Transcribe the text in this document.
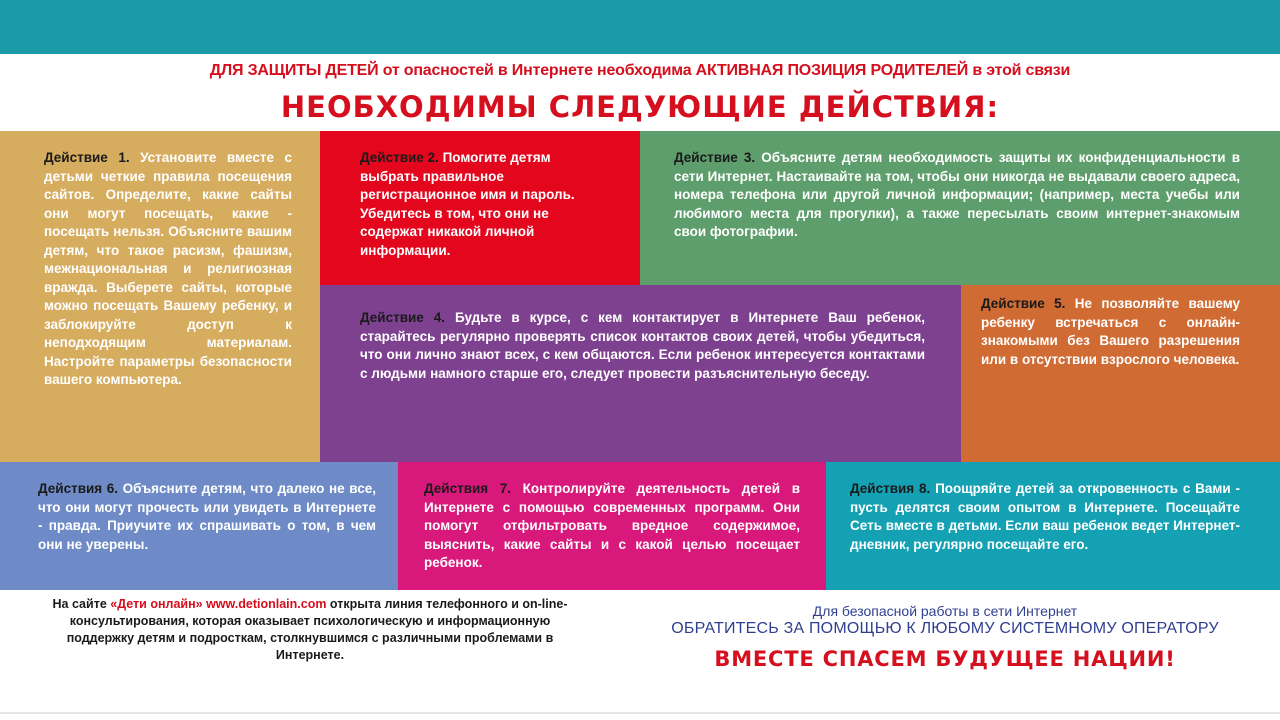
ДЛЯ ЗАЩИТЫ ДЕТЕЙ от опасностей в Интернете необходима АКТИВНАЯ ПОЗИЦИЯ РОДИТЕЛЕЙ в этой связи
НЕОБХОДИМЫ СЛЕДУЮЩИЕ ДЕЙСТВИЯ:
Действие 1. Установите вместе с детьми четкие правила посещения сайтов. Определите, какие сайты они могут посещать, какие - посещать нельзя. Объясните вашим детям, что такое расизм, фашизм, межнациональная и религиозная вражда. Выберете сайты, которые можно посещать Вашему ребенку, и заблокируйте доступ к неподходящим материалам. Настройте параметры безопасности вашего компьютера.
Действие 2. Помогите детям выбрать правильное регистрационное имя и пароль. Убедитесь в том, что они не содержат никакой личной информации.
Действие 3. Объясните детям необходимость защиты их конфиденциальности в сети Интернет. Настаивайте на том, чтобы они никогда не выдавали своего адреса, номера телефона или другой личной информации; (например, места учебы или любимого места для прогулки), а также пересылать своим интернет-знакомым свои фотографии.
Действие 4. Будьте в курсе, с кем контактирует в Интернете Ваш ребенок, старайтесь регулярно проверять список контактов своих детей, чтобы убедиться, что они лично знают всех, с кем общаются. Если ребенок интересуется контактами с людьми намного старше его, следует провести разъяснительную беседу.
Действие 5. Не позволяйте вашему ребенку встречаться с онлайн-знакомыми без Вашего разрешения или в отсутствии взрослого человека.
Действия 6. Объясните детям, что далеко не все, что они могут прочесть или увидеть в Интернете - правда. Приучите их спрашивать о том, в чем они не уверены.
Действия 7. Контролируйте деятельность детей в Интернете с помощью современных программ. Они помогут отфильтровать вредное содержимое, выяснить, какие сайты и с какой целью посещает ребенок.
Действия 8. Поощряйте детей за откровенность с Вами - пусть делятся своим опытом в Интернете. Посещайте Сеть вместе в детьми. Если ваш ребенок ведет Интернет-дневник, регулярно посещайте его.
На сайте «Дети онлайн» www.detionlain.com открыта линия телефонного и on-line-консультирования, которая оказывает психологическую и информационную поддержку детям и подросткам, столкнувшимся с различными проблемами в Интернете.
Для безопасной работы в сети Интернет
ОБРАТИТЕСЬ ЗА ПОМОЩЬЮ К ЛЮБОМУ СИСТЕМНОМУ ОПЕРАТОРУ
ВМЕСТЕ СПАСЕМ БУДУЩЕЕ НАЦИИ!
